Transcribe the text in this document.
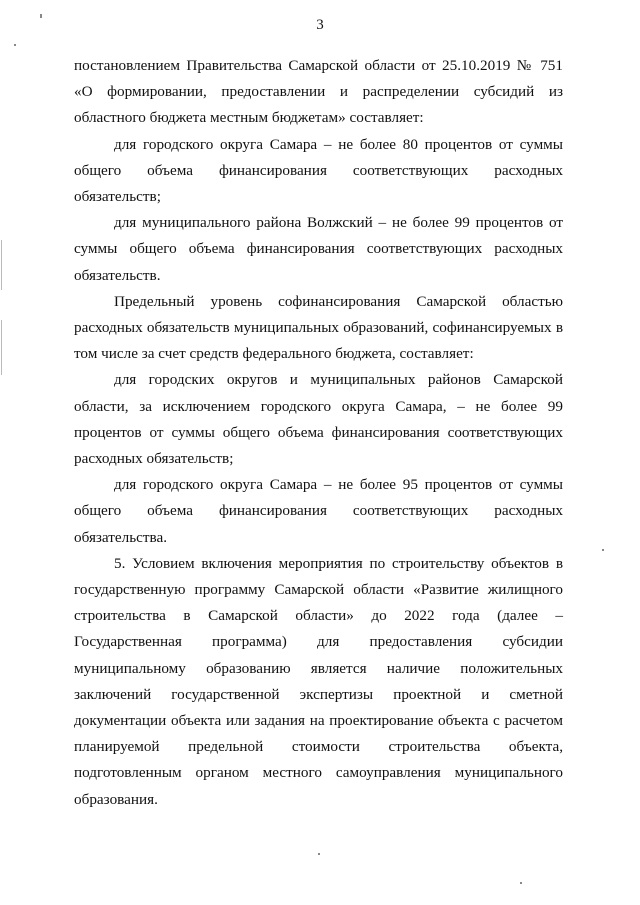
3

постановлением Правительства Самарской области от 25.10.2019 № 751 «О формировании, предоставлении и распределении субсидий из областного бюджета местным бюджетам» составляет:

для городского округа Самара – не более 80 процентов от суммы общего объема финансирования соответствующих расходных обязательств;

для муниципального района Волжский – не более 99 процентов от суммы общего объема финансирования соответствующих расходных обязательств.

Предельный уровень софинансирования Самарской областью расходных обязательств муниципальных образований, софинансируемых в том числе за счет средств федерального бюджета, составляет:

для городских округов и муниципальных районов Самарской области, за исключением городского округа Самара, – не более 99 процентов от суммы общего объема финансирования соответствующих расходных обязательств;

для городского округа Самара – не более 95 процентов от суммы общего объема финансирования соответствующих расходных обязательства.

5. Условием включения мероприятия по строительству объектов в государственную программу Самарской области «Развитие жилищного строительства в Самарской области» до 2022 года (далее – Государственная программа) для предоставления субсидии муниципальному образованию является наличие положительных заключений государственной экспертизы проектной и сметной документации объекта или задания на проектирование объекта с расчетом планируемой предельной стоимости строительства объекта, подготовленным органом местного самоуправления муниципального образования.
